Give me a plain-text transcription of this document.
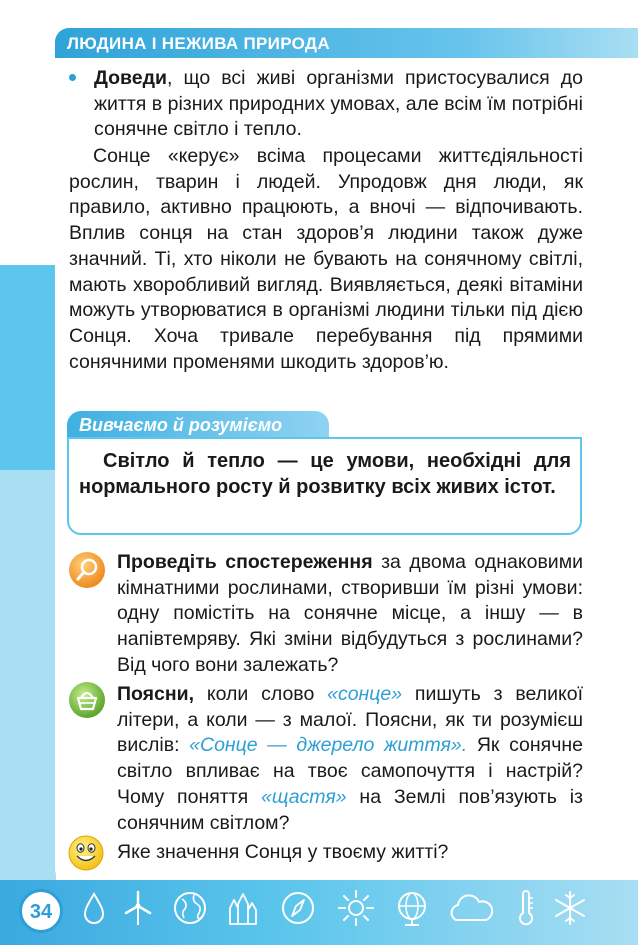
ЛЮДИНА І НЕЖИВА ПРИРОДА

Доведи, що всі живі організми пристосувалися до життя в різних природних умовах, але всім їм потрібні сонячне світло і тепло.

Сонце «керує» всіма процесами життєдіяльності рослин, тварин і людей. Упродовж дня люди, як правило, активно працюють, а вночі — відпочивають. Вплив сонця на стан здоров’я людини також дуже значний. Ті, хто ніколи не бувають на сонячному світлі, мають хворобливий вигляд. Виявляється, деякі вітаміни можуть утворюватися в організмі людини тільки під дією Сонця. Хоча тривале перебування під прямими сонячними променями шкодить здоров’ю.

Вивчаємо й розуміємо
Світло й тепло — це умови, необхідні для нормального росту й розвитку всіх живих істот.

Проведіть спостереження за двома однаковими кімнатними рослинами, створивши їм різні умови: одну помістіть на сонячне місце, а іншу — в напівтемряву. Які зміни відбудуться з рослинами? Від чого вони залежать?

Поясни, коли слово «сонце» пишуть з великої літери, а коли — з малої. Поясни, як ти розумієш вислів: «Сонце — джерело життя». Як сонячне світло впливає на твоє самопочуття і настрій? Чому поняття «щастя» на Землі пов’язують із сонячним світлом?

Яке значення Сонця у твоєму житті?

34
